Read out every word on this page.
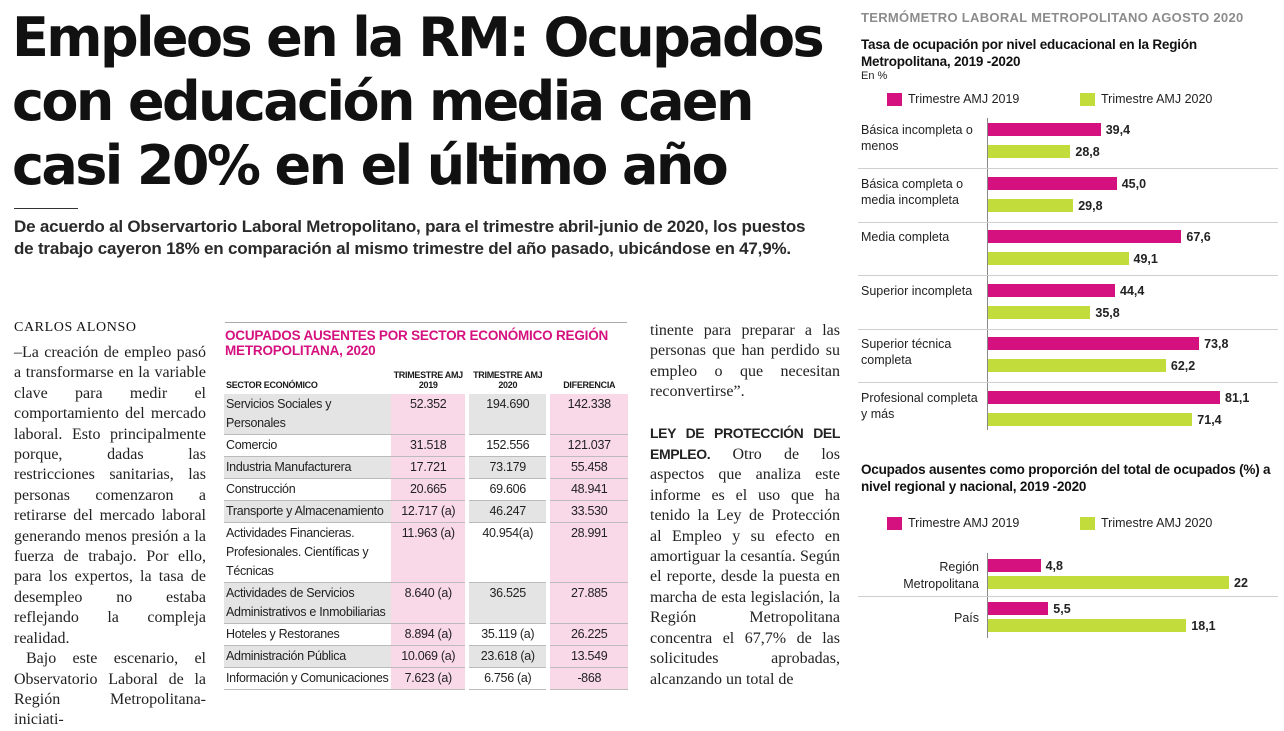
Empleos en la RM: Ocupados con educación media caen casi 20% en el último año

De acuerdo al Observartorio Laboral Metropolitano, para el trimestre abril-junio de 2020, los puestos de trabajo cayeron 18% en comparación al mismo trimestre del año pasado, ubicándose en 47,9%.

CARLOS ALONSO

–La creación de empleo pasó a transformarse en la variable clave para medir el comportamiento del mercado laboral. Esto principalmente porque, dadas las restricciones sanitarias, las personas comenzaron a retirarse del mercado laboral generando menos presión a la fuerza de trabajo. Por ello, para los expertos, la tasa de desempleo no estaba reflejando la compleja realidad.

Bajo este escenario, el Observatorio Laboral de la Región Metropolitana- iniciati-

tinente para preparar a las personas que han perdido su empleo o que necesitan reconvertirse”.

LEY DE PROTECCIÓN DEL EMPLEO. Otro de los aspectos que analiza este informe es el uso que ha tenido la Ley de Protección al Empleo y su efecto en amortiguar la cesantía. Según el reporte, desde la puesta en marcha de esta legislación, la Región Metropolitana concentra el 67,7% de las solicitudes aprobadas, alcanzando un total de

OCUPADOS AUSENTES POR SECTOR ECONÓMICO REGIÓN METROPOLITANA, 2020
SECTOR ECONÓMICO	TRIMESTRE AMJ 2019		TRIMESTRE AMJ 2020		DIFERENCIA
Servicios Sociales y Personales	52.352		194.690		142.338
Comercio	31.518		152.556		121.037
Industria Manufacturera	17.721		73.179		55.458
Construcción	20.665		69.606		48.941
Transporte y Almacenamiento	12.717 (a)		46.247		33.530
Actividades Financieras. Profesionales. Científicas y Técnicas	11.963 (a)		40.954(a)		28.991
Actividades de Servicios Administrativos e Inmobiliarias	8.640 (a)		36.525		27.885
Hoteles y Restoranes	8.894 (a)		35.119 (a)		26.225
Administración Pública	10.069 (a)		23.618 (a)		13.549
Información y Comunicaciones	7.623 (a)		6.756 (a)		-868
TERMÓMETRO LABORAL METROPOLITANO AGOSTO 2020
Tasa de ocupación por nivel educacional en la Región Metropolitana, 2019 -2020
En %
Trimestre AMJ 2019	Trimestre AMJ 2020
Básica incompleta o menos
39,4
28,8
Básica completa o media incompleta
45,0
29,8
Media completa	67,6
49,1
Superior incompleta	44,4
35,8
Superior técnica completa
73,8
62,2
Profesional completa y más
81,1
71,4
Ocupados ausentes como proporción del total de ocupados (%) a nivel regional y nacional, 2019 -2020
Trimestre AMJ 2019	Trimestre AMJ 2020
Región Metropolitana
4,8
22
País
5,5
18,1
